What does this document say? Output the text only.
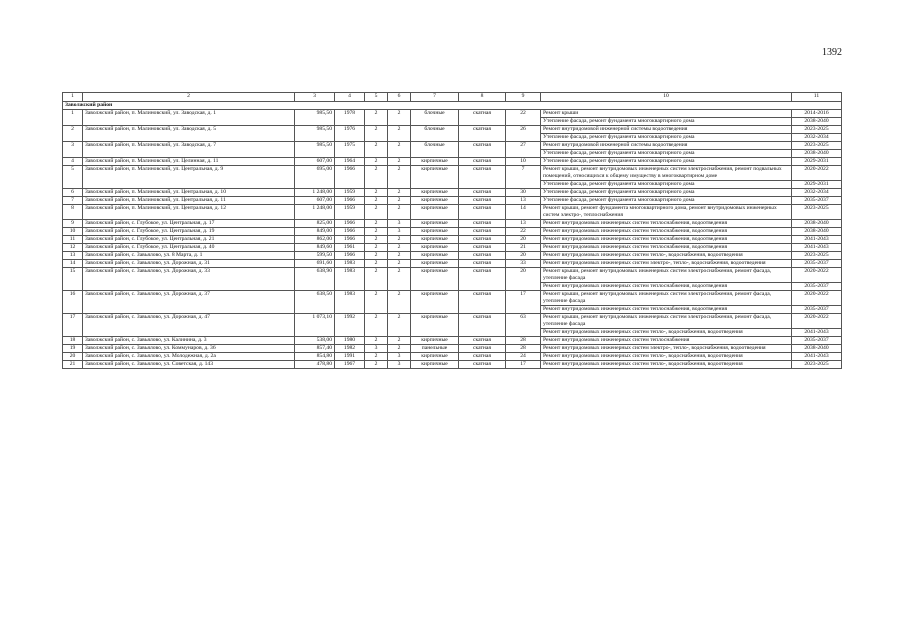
1392
1	2	3	4	5	6	7	8	9	10	11
Заволжский район										
1	Заволжский район, п. Малиновский, ул. Заводская, д. 1	985,50	1978	2	2	блочные	скатная	22	Ремонт крыши	2014-2016
									Утепление фасада, ремонт фундамента многоквартирного дома	2038-2040
2	Заволжский район, п. Малиновский, ул. Заводская, д. 5	985,50	1976	2	2	блочные	скатная	26	Ремонт внутридомовой инженерной системы водоотведения	2023-2025
									Утепление фасада, ремонт фундамента многоквартирного дома	2032-2034
3	Заволжский район, п. Малиновский, ул. Заводская, д. 7	985,50	1975	2	2	блочные	скатная	27	Ремонт внутридомовой инженерной системы водоотведения	2023-2025
									Утепление фасада, ремонт фундамента многоквартирного дома	2038-2040
4	Заволжский район, п. Малиновский, ул. Целинная, д. 11	607,00	1964	2	2	кирпичные	скатная	10	Утепление фасада, ремонт фундамента многоквартирного дома	2029-2031
5	Заволжский район, п. Малиновский, ул. Центральная, д. 9	695,00	1966	2	2	кирпичные	скатная	7	Ремонт крыши, ремонт внутридомовых инженерных систем электроснабжения, ремонт подвальных помещений, относящихся к общему имуществу в многоквартирном доме	2020-2022
									Утепление фасада, ремонт фундамента многоквартирного дома	2029-2031
6	Заволжский район, п. Малиновский, ул. Центральная, д. 10	1 248,00	1959	2	2	кирпичные	скатная	30	Утепление фасада, ремонт фундамента многоквартирного дома	2032-2034
7	Заволжский район, п. Малиновский, ул. Центральная, д. 11	607,00	1966	2	2	кирпичные	скатная	13	Утепление фасада, ремонт фундамента многоквартирного дома	2035-2037
8	Заволжский район, п. Малиновский, ул. Центральная, д. 12	1 248,00	1959	2	2	кирпичные	скатная	14	Ремонт крыши, ремонт фундамента многоквартирного дома, ремонт внутридомовых инженерных систем электро-, теплоснабжения	2023-2025
9	Заволжский район, с. Глубокое, ул. Центральная, д. 17	825,00	1966	2	3	кирпичные	скатная	13	Ремонт внутридомовых инженерных систем теплоснабжения, водоотведения	2038-2040
10	Заволжский район, с. Глубокое, ул. Центральная, д. 19	849,00	1966	2	3	кирпичные	скатная	22	Ремонт внутридомовых инженерных систем теплоснабжения, водоотведения	2038-2040
11	Заволжский район, с. Глубокое, ул. Центральная, д. 21	862,00	1966	2	2	кирпичные	скатная	20	Ремонт внутридомовых инженерных систем теплоснабжения, водоотведения	2041-2043
12	Заволжский район, с. Глубокое, ул. Центральная, д. 40	849,60	1961	2	2	кирпичные	скатная	21	Ремонт внутридомовых инженерных систем теплоснабжения, водоотведения	2041-2043
13	Заволжский район, с. Завьялово, ул. 8 Марта, д. 1	599,50	1966	2	2	кирпичные	скатная	20	Ремонт внутридомовых инженерных систем тепло-, водоснабжения, водоотведения	2023-2025
14	Заволжский район, с. Завьялово, ул. Дорожная, д. 31	691,60	1983	2	2	кирпичные	скатная	33	Ремонт внутридомовых инженерных систем электро-, тепло-, водоснабжения, водоотведения	2035-2037
15	Заволжский район, с. Завьялово, ул. Дорожная, д. 33	638,90	1983	2	2	кирпичные	скатная	20	Ремонт крыши, ремонт внутридомовых инженерных систем электроснабжения, ремонт фасада, утепление фасада	2020-2022
									Ремонт внутридомовых инженерных систем теплоснабжения, водоотведения	2035-2037
16	Заволжский район, с. Завьялово, ул. Дорожная, д. 37	638,50	1983	2	2	кирпичные	скатная	17	Ремонт крыши, ремонт внутридомовых инженерных систем электроснабжения, ремонт фасада, утепление фасада	2020-2022
									Ремонт внутридомовых инженерных систем теплоснабжения, водоотведения	2035-2037
17	Заволжский район, с. Завьялово, ул. Дорожная, д. 47	1 073,10	1992	2	2	кирпичные	скатная	63	Ремонт крыши, ремонт внутридомовых инженерных систем электроснабжения, ремонт фасада, утепление фасада	2020-2022
									Ремонт внутридомовых инженерных систем тепло-, водоснабжения, водоотведения	2041-2043
18	Заволжский район, с. Завьялово, ул. Калинина, д. 3	538,00	1980	2	2	кирпичные	скатная	28	Ремонт внутридомовых инженерных систем теплоснабжения	2035-2037
19	Заволжский район, с. Завьялово, ул. Коммунаров, д. 36	857,40	1982	3	2	панельные	скатная	28	Ремонт внутридомовых инженерных систем электро-, тепло-, водоснабжения, водоотведения	2038-2040
20	Заволжский район, с. Завьялово, ул. Молодежная, д. 2а	854,80	1991	2	3	кирпичные	скатная	24	Ремонт внутридомовых инженерных систем тепло-, водоснабжения, водоотведения	2041-2043
21	Заволжский район, с. Завьялово, ул. Советская, д. 143	478,80	1967	2	3	кирпичные	скатная	17	Ремонт внутридомовых инженерных систем тепло-, водоснабжения, водоотведения	2023-2025
